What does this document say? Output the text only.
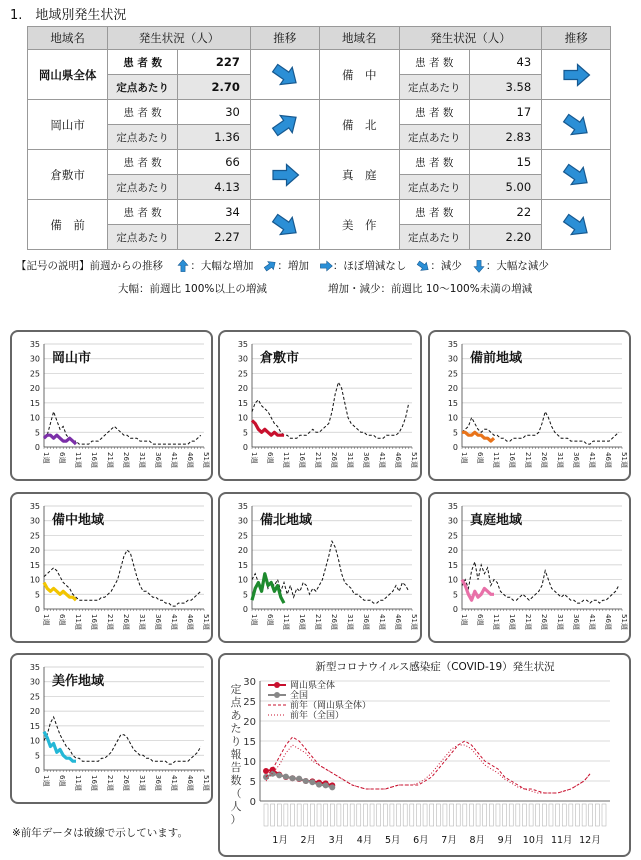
1.　地域別発生状況
地域名	発生状況（人）		推移	地域名	発生状況（人）		推移
岡山県全体	患 者 数	227		備　中	患 者 数	43	
	定点あたり	2.70			定点あたり	3.58	
岡山市	患 者 数	30		備　北	患 者 数	17	
	定点あたり	1.36			定点あたり	2.83	
倉敷市	患 者 数	66		真　庭	患 者 数	15	
	定点あたり	4.13			定点あたり	5.00	
備　前	患 者 数	34		美　作	患 者 数	22	
	定点あたり	2.27			定点あたり	2.20	
【記号の説明】前週からの推移	：大幅な増加 ：増加 ：ほぼ増減なし ：減少 ：大幅な減少
大幅：前週比 100%以上の増減	増加・減少：前週比 10～100%未満の増減
0
5
10
15
20
25
30
35
1週 6週 11週 16週 21週 26週 31週 36週 41週 46週 51週
岡山市
0
5
10
15
20
25
30
35
1週 6週 11週 16週 21週 26週 31週 36週 41週 46週 51週
倉敷市
0
5
10
15
20
25
30
35
1週 6週 11週 16週 21週 26週 31週 36週 41週 46週 51週
備前地域
0
5
10
15
20
25
30
35
1週 6週 11週 16週 21週 26週 31週 36週 41週 46週 51週
備中地域
0
5
10
15
20
25
30
35
1週 6週 11週 16週 21週 26週 31週 36週 41週 46週 51週
備北地域
0
5
10
15
20
25
30
35
1週 6週 11週 16週 21週 26週 31週 36週 41週 46週 51週
真庭地域
0
5
10
15
20
25
30
35
1週 6週 11週 16週 21週 26週 31週 36週 41週 46週 51週
美作地域
新型コロナウイルス感染症（COVID-19）発生状況
0
5
10
15
20
25
30
定
点
あ
た
り
報
告
数
（
人
）
1月 2月 3月 4月 5月 6月 7月 8月 9月 10月 11月 12月
岡山県全体
全国
前年（岡山県全体）
前年（全国）
※前年データは破線で示しています。
